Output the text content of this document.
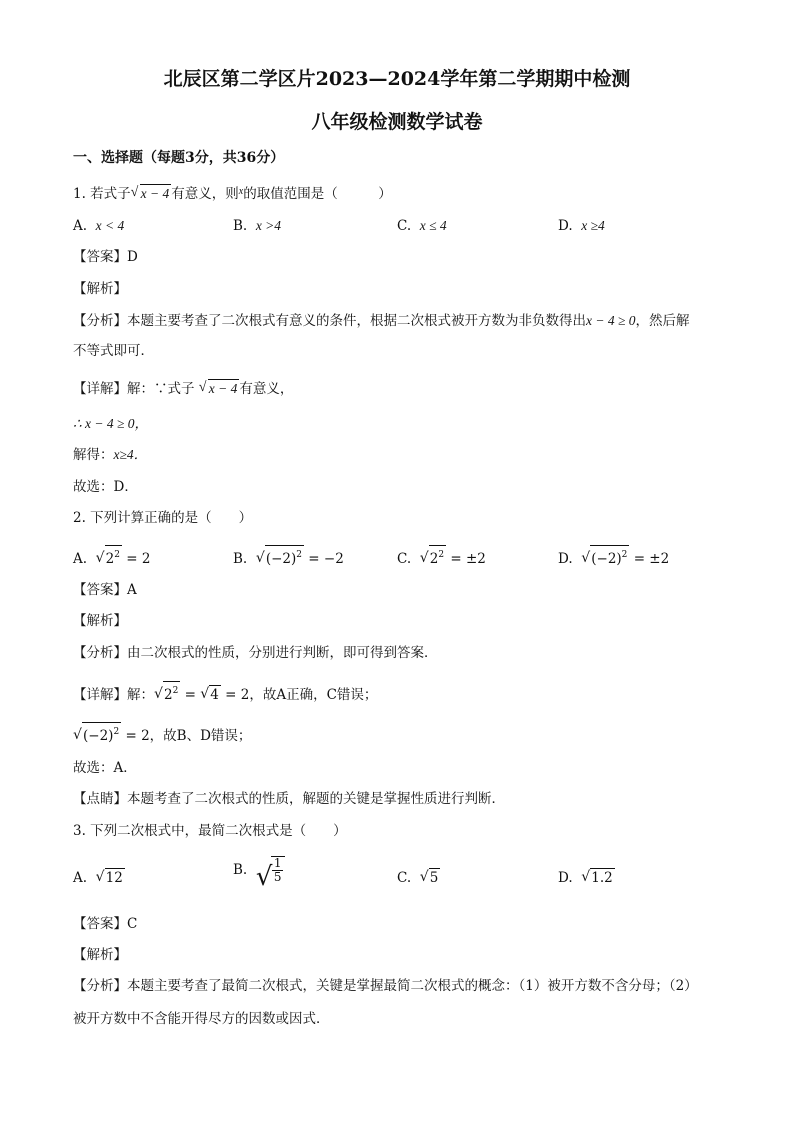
北辰区第二学区片2023—2024学年第二学期期中检测
八年级检测数学试卷
一、选择题（每题3分，共36分）
1. 若式子 √ x − 4 有意义，则$^x$的取值范围是（　　　）
A. x < 4	B. x >4	C. x ≤ 4	D. x ≥4
【答案】D
【解析】
【分析】本题主要考查了二次根式有意义的条件，根据二次根式被开方数为非负数得出x − 4 ≥ 0，然后解
不等式即可．
【详解】解：∵式子 √ x − 4 有意义，
∴ x − 4 ≥ 0，
解得：x≥4．
故选：D．
2. 下列计算正确的是（　　）
A. √ $2^2 = 2$	B. √ $(-2)^2 = -2$	C. √ $2^2 = \pm 2$	D. √ $(-2)^2 = \pm 2$
【答案】A
【解析】
【分析】由二次根式的性质，分别进行判断，即可得到答案．
【详解】解： √ $2^2$ = √ 4 = 2，故A正确，C错误；
√ $(-2)^2 = 2$，故B、D错误；
故选：A．
【点睛】本题考查了二次根式的性质，解题的关键是掌握性质进行判断．
3. 下列二次根式中，最简二次根式是（　　）
A. √ 12	B. √ $\frac{1}{5}$	C. √ 5	D. √ 1.2
【答案】C
【解析】
【分析】本题主要考查了最简二次根式，关键是掌握最简二次根式的概念：（1）被开方数不含分母；（2）
被开方数中不含能开得尽方的因数或因式．
